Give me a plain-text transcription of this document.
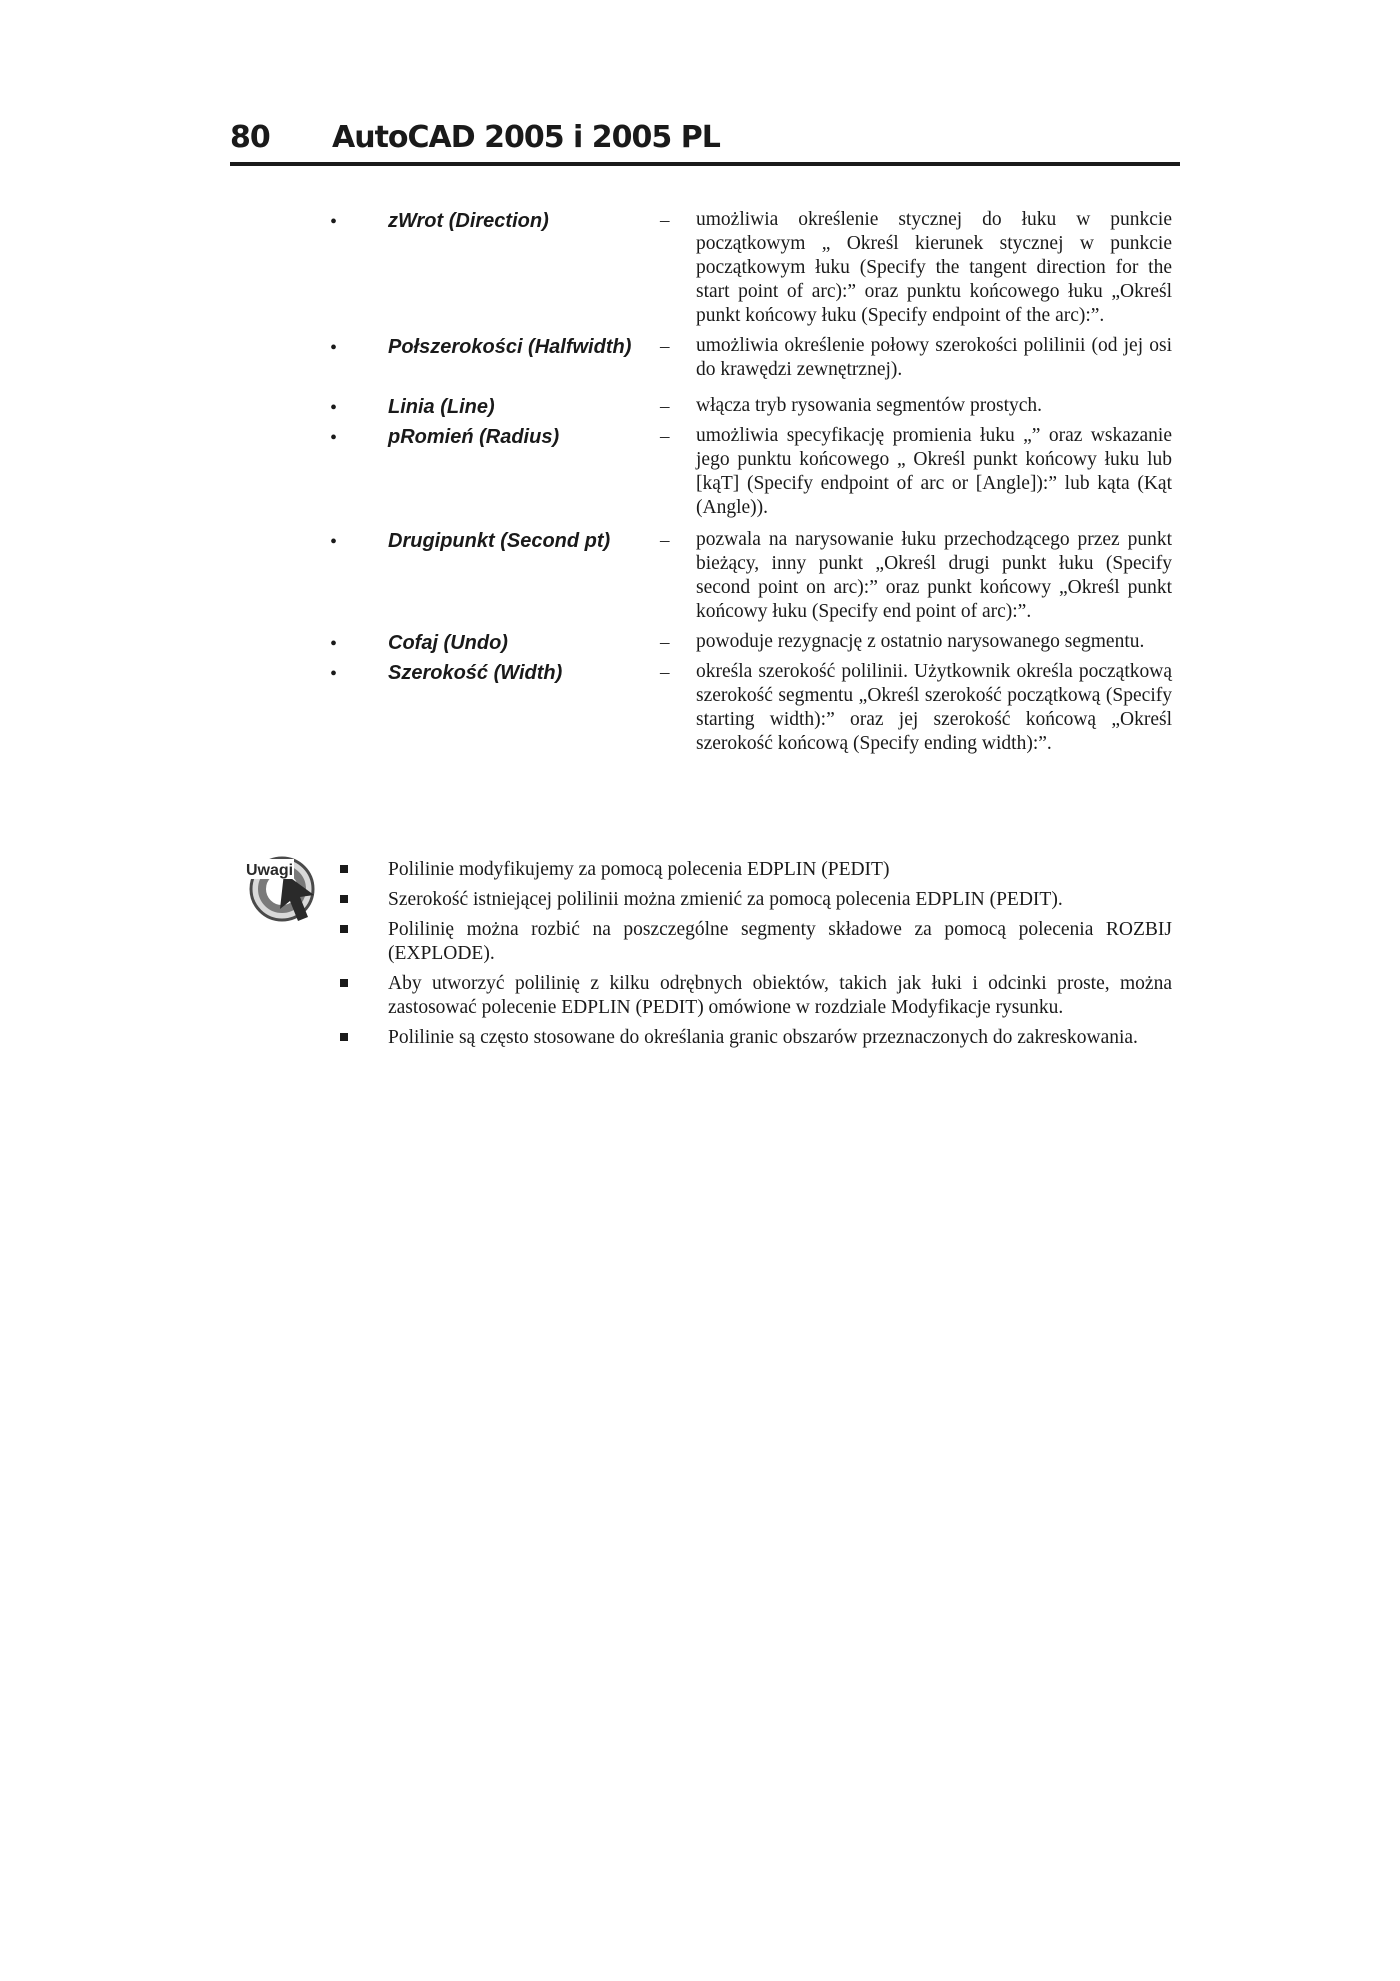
80 AutoCAD 2005 i 2005 PL
•	zWrot (Direction)	– umożliwia określenie stycznej do łuku w punkcie początkowym „ Określ kierunek stycznej w punkcie początkowym łuku (Specify the tangent direction for the start point of arc):” oraz punktu końcowego łuku „Określ punkt końcowy łuku (Specify endpoint of the arc):”.
•	Połszerokości (Halfwidth) – umożliwia określenie połowy szerokości polilinii (od jej osi do krawędzi zewnętrznej).
•	Linia (Line)	– włącza tryb rysowania segmentów prostych.
•	pRomień (Radius)	– umożliwia specyfikację promienia łuku „” oraz wskazanie jego punktu końcowego „ Określ punkt końcowy łuku lub [kąT] (Specify endpoint of arc or [Angle]):” lub kąta (Kąt (Angle)).
•	Drugipunkt (Second pt)	– pozwala na narysowanie łuku przechodzącego przez punkt bieżący, inny punkt „Określ drugi punkt łuku (Specify second point on arc):” oraz punkt końcowy „Określ punkt końcowy łuku (Specify end point of arc):”.
•	Cofaj (Undo)	– powoduje rezygnację z ostatnio narysowanego segmentu.
•	Szerokość (Width)	– określa szerokość polilinii. Użytkownik określa początkową szerokość segmentu „Określ szerokość początkową (Specify starting width):” oraz jej szerokość końcową „Określ szerokość końcową (Specify ending width):”.
Uwagi	Polilinie modyfikujemy za pomocą polecenia EDPLIN (PEDIT)
Szerokość istniejącej polilinii można zmienić za pomocą polecenia EDPLIN (PEDIT).
Polilinię można rozbić na poszczególne segmenty składowe za pomocą polecenia ROZBIJ (EXPLODE).
Aby utworzyć polilinię z kilku odrębnych obiektów, takich jak łuki i odcinki proste, można zastosować polecenie EDPLIN (PEDIT) omówione w rozdziale Modyfikacje rysunku.
Polilinie są często stosowane do określania granic obszarów przeznaczonych do zakreskowania.
